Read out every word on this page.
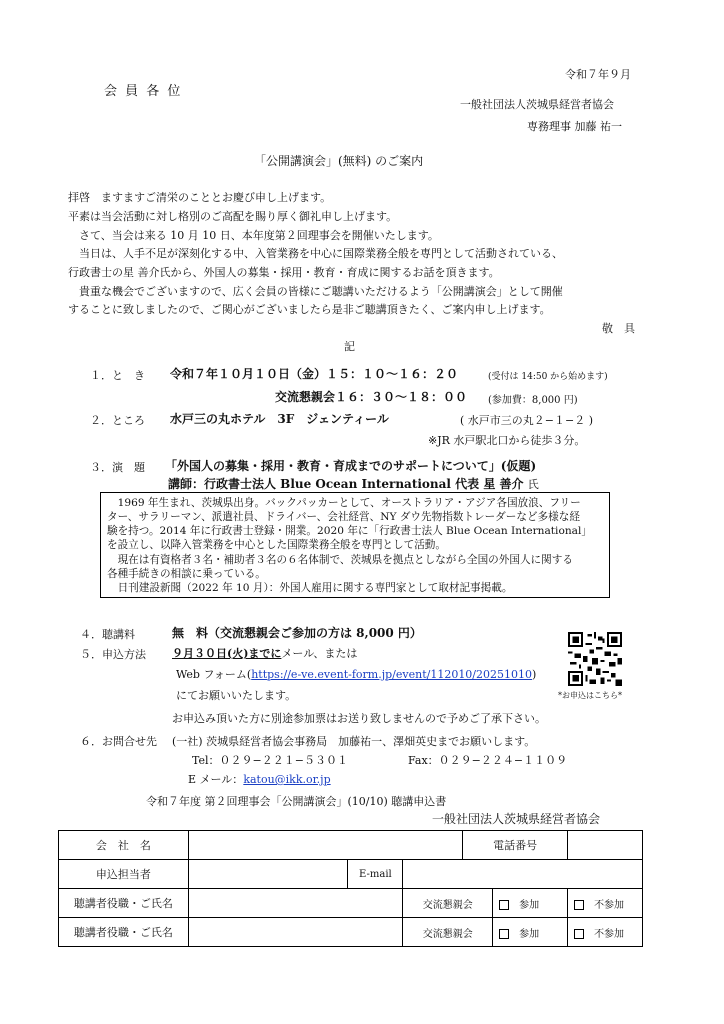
令和７年９月
会 員 各 位
一般社団法人茨城県経営者協会
専務理事 加藤 祐一
「公開講演会」(無料) のご案内
拝啓　ますますご清栄のこととお慶び申し上げます。
平素は当会活動に対し格別のご高配を賜り厚く御礼申し上げます。
　さて、当会は来る 10 月 10 日、本年度第２回理事会を開催いたします。
　当日は、人手不足が深刻化する中、入管業務を中心に国際業務全般を専門として活動されている、
行政書士の星 善介氏から、外国人の募集・採用・教育・育成に関するお話を頂きます。
　貴重な機会でございますので、広く会員の皆様にご聴講いただけるよう「公開講演会」として開催
することに致しましたので、ご関心がございましたら是非ご聴講頂きたく、ご案内申し上げます。
敬　具
記
１．と　き 令和７年１０月１０日（金）１５：１０～１６：２０	(受付は 14:50 から始めます)
交流懇親会１６：３０～１８：００ (参加費：8,000 円)
２．ところ 水戸三の丸ホテル　3F　ジェンティール	( 水戸市三の丸２−１−２ )
※JR 水戸駅北口から徒歩３分。
３．演　題 「外国人の募集・採用・教育・育成までのサポートについて」(仮題)
講師：行政書士法人 Blue Ocean International 代表 星 善介 氏
　1969 年生まれ、茨城県出身。バックパッカーとして、オーストラリア・アジア各国放浪、フリー
ター、サラリーマン、派遣社員、ドライバー、会社経営、NY ダウ先物指数トレーダーなど多様な経
験を持つ。2014 年に行政書士登録・開業。2020 年に「行政書士法人 Blue Ocean International」
を設立し、以降入管業務を中心とした国際業務全般を専門として活動。
　現在は有資格者３名・補助者３名の６名体制で、茨城県を拠点としながら全国の外国人に関する
各種手続きの相談に乗っている。
　日刊建設新聞（2022 年 10 月）：外国人雇用に関する専門家として取材記事掲載。
４．聴講料	無　料（交流懇親会ご参加の方は 8,000 円）
５．申込方法 ９月３０日(火)までにメール、または
Web フォーム(https://e-ve.event-form.jp/event/112010/20251010)
にてお願いいたします。
お申込み頂いた方に別途参加票はお送り致しませんので予めご了承下さい。
*お申込はこちら*
６．お問合せ先 (一社) 茨城県経営者協会事務局　加藤祐一、澤畑英史までお願いします。
Tel：０２９−２２１−５３０１	Fax：０２９−２２４−１１０９
E メール：katou@ikk.or.jp
令和７年度 第２回理事会「公開講演会」(10/10) 聴講申込書
一般社団法人茨城県経営者協会
会　社　名				電話番号		
申込担当者		E-mail				
聴講者役職・ご氏名			交流懇親会		参加	不参加
聴講者役職・ご氏名			交流懇親会		参加	不参加
